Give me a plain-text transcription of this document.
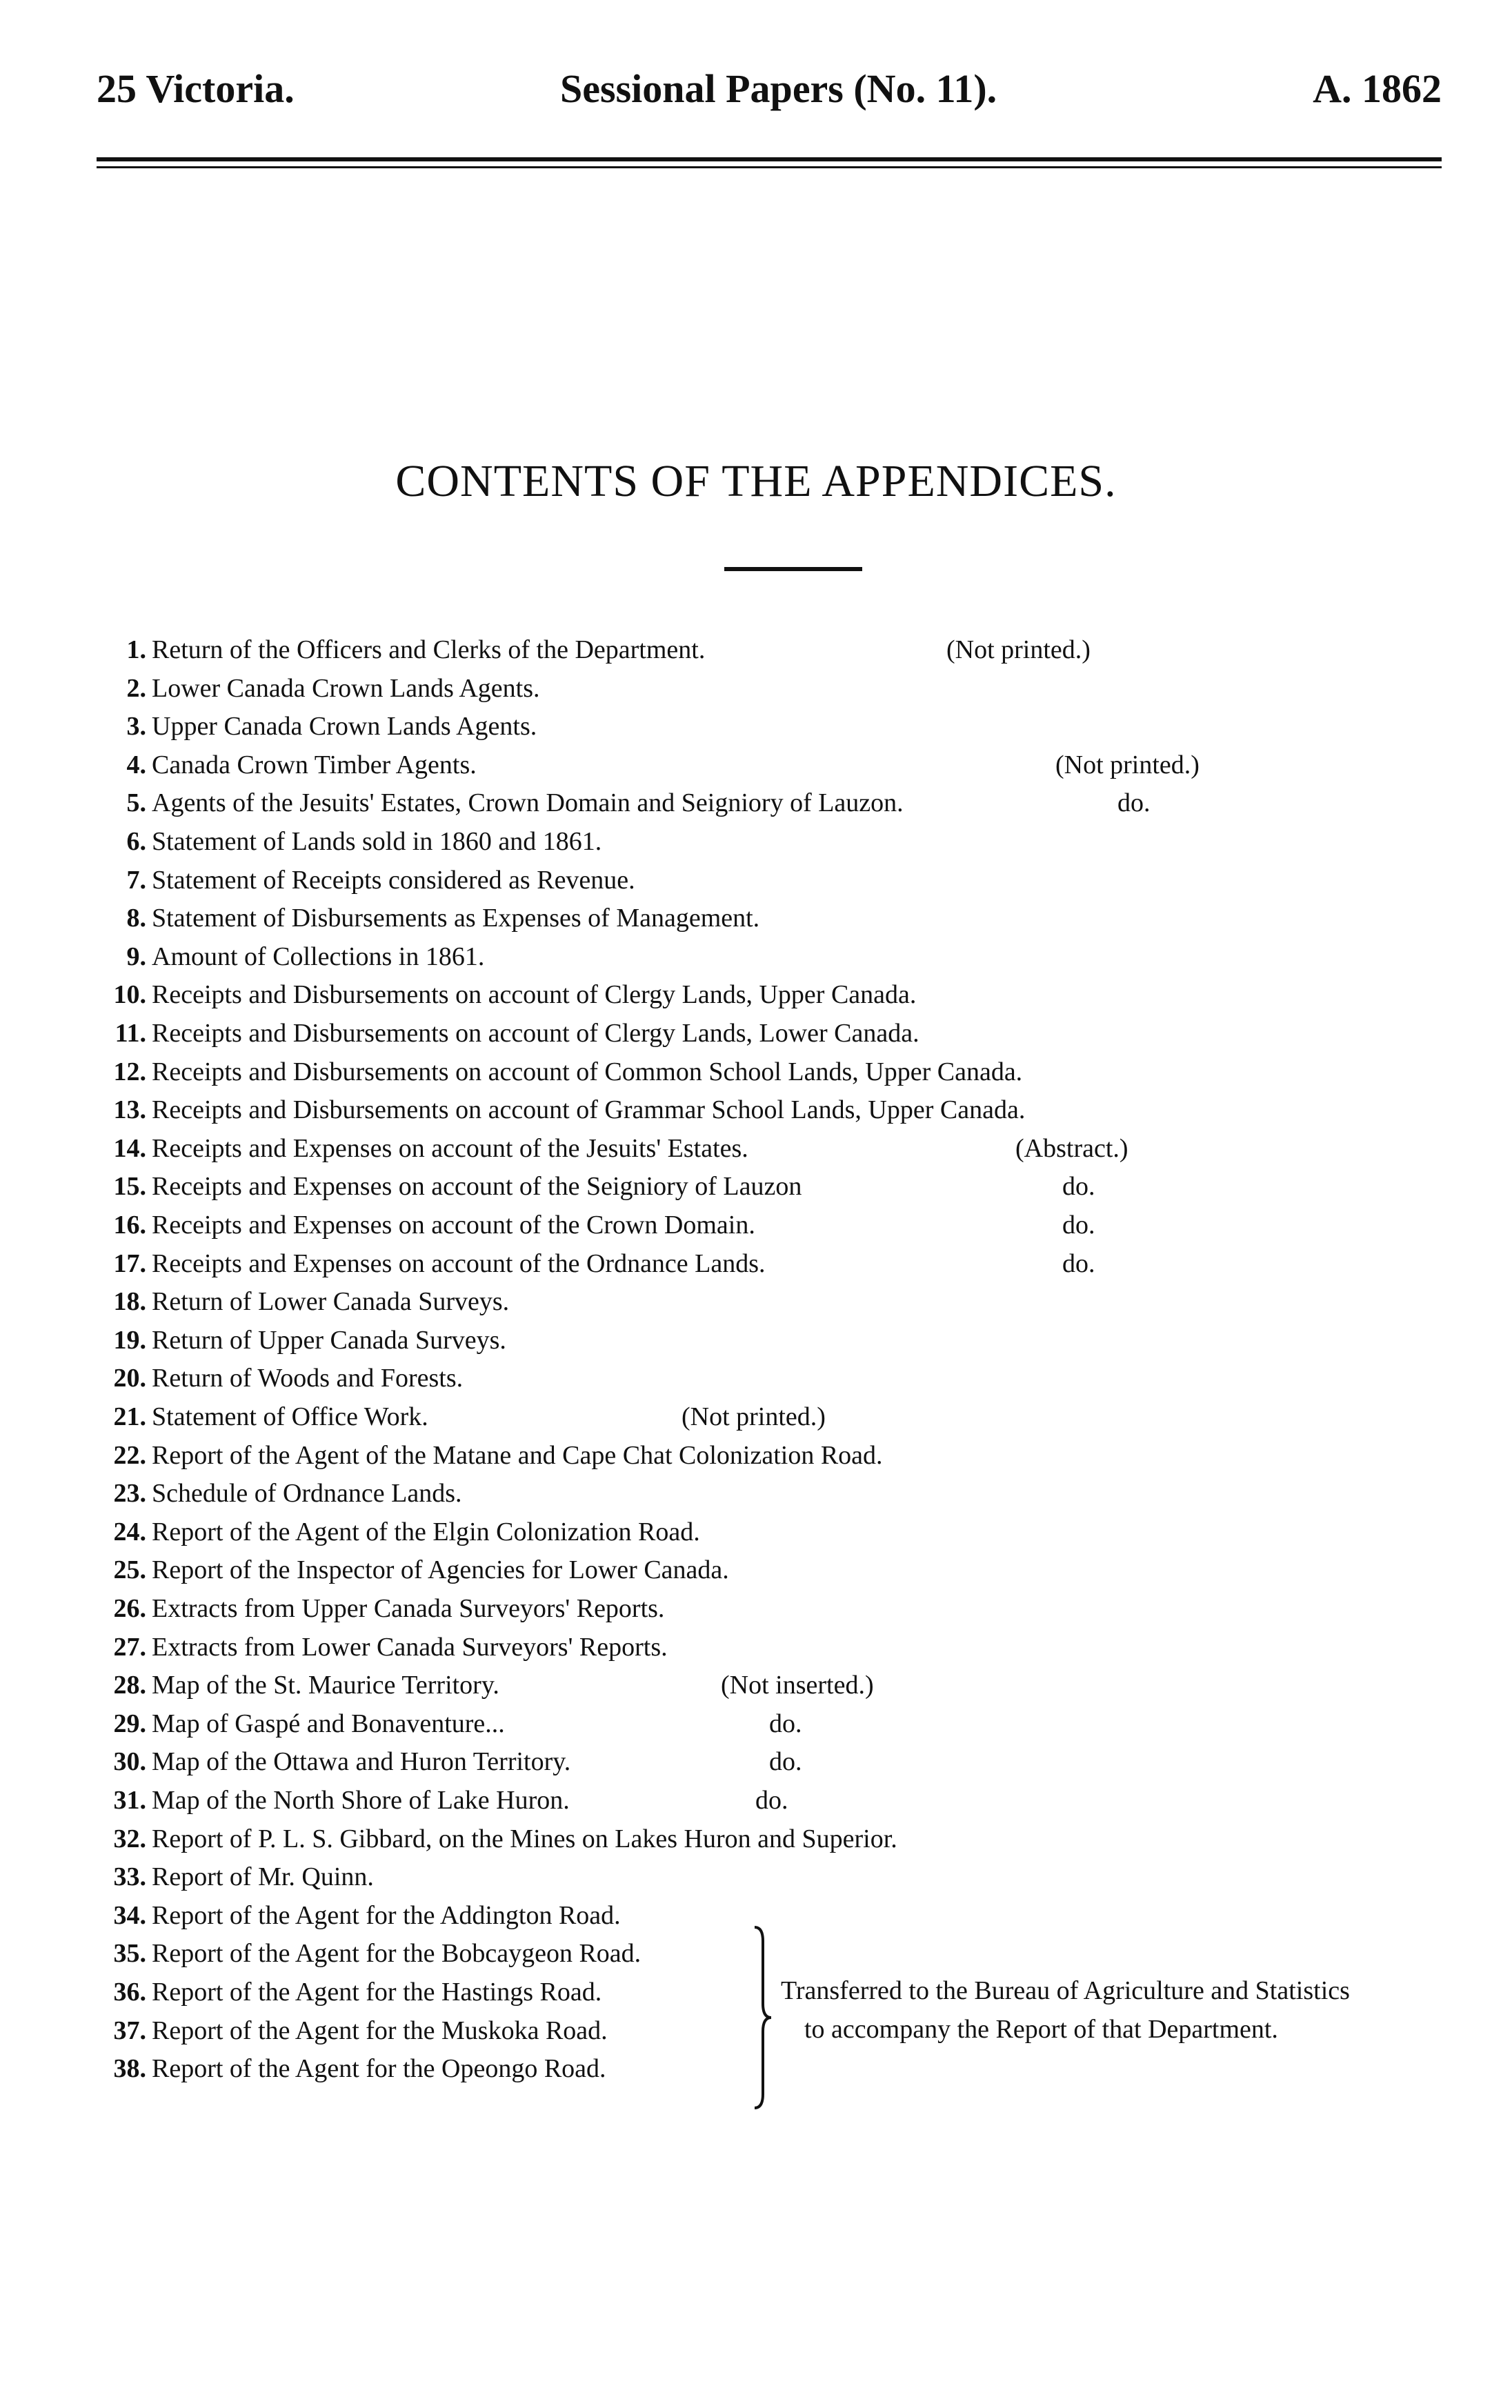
25 Victoria.	Sessional Papers (No. 11).	A. 1862
CONTENTS OF THE APPENDICES.
1. Return of the Officers and Clerks of the Department.	(Not printed.)
2. Lower Canada Crown Lands Agents.
3. Upper Canada Crown Lands Agents.
4. Canada Crown Timber Agents.	(Not printed.)
5. Agents of the Jesuits' Estates, Crown Domain and Seigniory of Lauzon.	do.
6. Statement of Lands sold in 1860 and 1861.
7. Statement of Receipts considered as Revenue.
8. Statement of Disbursements as Expenses of Management.
9. Amount of Collections in 1861.
10. Receipts and Disbursements on account of Clergy Lands, Upper Canada.
11. Receipts and Disbursements on account of Clergy Lands, Lower Canada.
12. Receipts and Disbursements on account of Common School Lands, Upper Canada.
13. Receipts and Disbursements on account of Grammar School Lands, Upper Canada.
14. Receipts and Expenses on account of the Jesuits' Estates.	(Abstract.)
15. Receipts and Expenses on account of the Seigniory of Lauzon	do.
16. Receipts and Expenses on account of the Crown Domain.	do.
17. Receipts and Expenses on account of the Ordnance Lands.	do.
18. Return of Lower Canada Surveys.
19. Return of Upper Canada Surveys.
20. Return of Woods and Forests.
21. Statement of Office Work.	(Not printed.)
22. Report of the Agent of the Matane and Cape Chat Colonization Road.
23. Schedule of Ordnance Lands.
24. Report of the Agent of the Elgin Colonization Road.
25. Report of the Inspector of Agencies for Lower Canada.
26. Extracts from Upper Canada Surveyors' Reports.
27. Extracts from Lower Canada Surveyors' Reports.
28. Map of the St. Maurice Territory.	(Not inserted.)
29. Map of Gaspé and Bonaventure...	do.
30. Map of the Ottawa and Huron Territory.	do.
31. Map of the North Shore of Lake Huron.	do.
32. Report of P. L. S. Gibbard, on the Mines on Lakes Huron and Superior.
33. Report of Mr. Quinn.
34. Report of the Agent for the Addington Road.
35. Report of the Agent for the Bobcaygeon Road.
36. Report of the Agent for the Hastings Road.
37. Report of the Agent for the Muskoka Road.
38. Report of the Agent for the Opeongo Road.
Transferred to the Bureau of Agriculture and Statistics
to accompany the Report of that Department.
